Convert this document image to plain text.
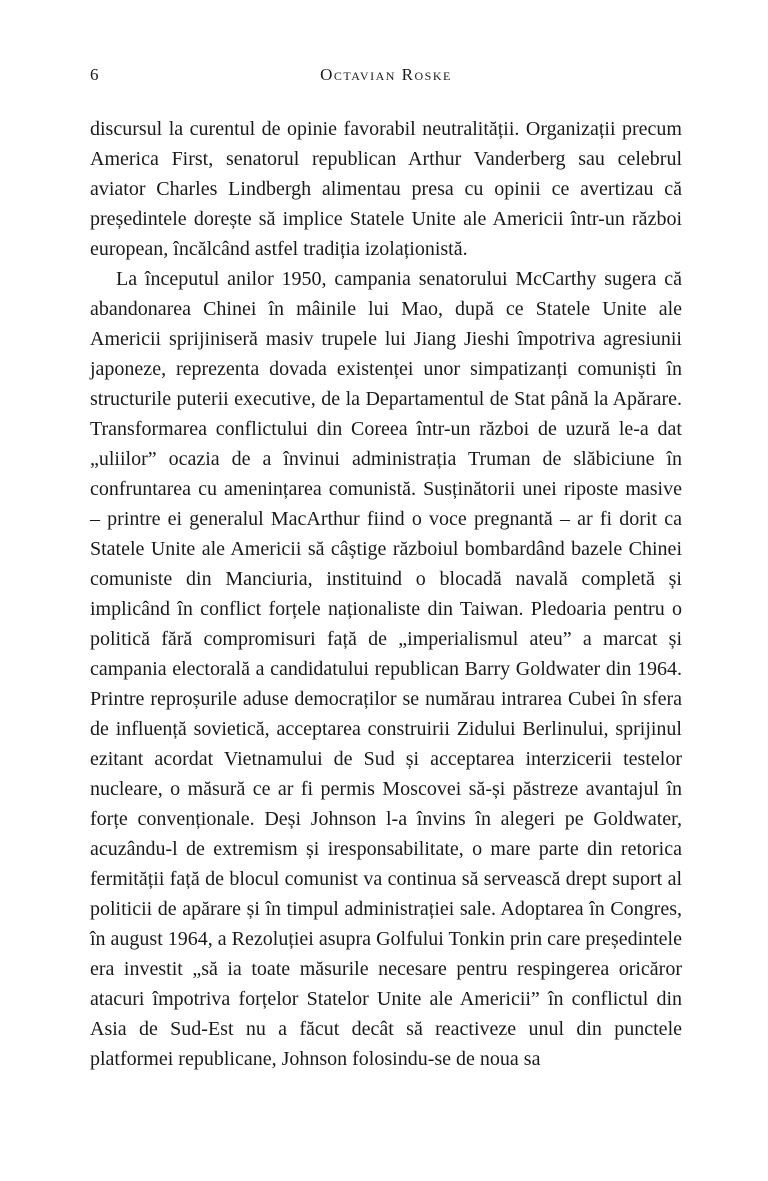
6	Octavian Roske

discursul la curentul de opinie favorabil neutralității. Organizații precum America First, senatorul republican Arthur Vanderberg sau celebrul aviator Charles Lindbergh alimentau presa cu opinii ce avertizau că președintele dorește să implice Statele Unite ale Americii într-un război european, încălcând astfel tradiția izolaționistă.

La începutul anilor 1950, campania senatorului McCarthy sugera că abandonarea Chinei în mâinile lui Mao, după ce Statele Unite ale Americii sprijiniseră masiv trupele lui Jiang Jieshi împotriva agresiunii japoneze, reprezenta dovada existenței unor simpatizanți comuniști în structurile puterii executive, de la Departamentul de Stat până la Apărare. Transformarea conflictului din Coreea într-un război de uzură le-a dat „uliilor” ocazia de a învinui administrația Truman de slăbiciune în confruntarea cu amenințarea comunistă. Susținătorii unei riposte masive – printre ei generalul MacArthur fiind o voce pregnantă – ar fi dorit ca Statele Unite ale Americii să câștige războiul bombardând bazele Chinei comuniste din Manciuria, instituind o blocadă navală completă și implicând în conflict forțele naționaliste din Taiwan. Pledoaria pentru o politică fără compromisuri față de „imperialismul ateu” a marcat și campania electorală a candidatului republican Barry Goldwater din 1964. Printre reproșurile aduse democraților se numărau intrarea Cubei în sfera de influență sovietică, acceptarea construirii Zidului Berlinului, sprijinul ezitant acordat Vietnamului de Sud și acceptarea interzicerii testelor nucleare, o măsură ce ar fi permis Moscovei să-și păstreze avantajul în forțe convenționale. Deși Johnson l-a învins în alegeri pe Goldwater, acuzându-l de extremism și iresponsabilitate, o mare parte din retorica fermității față de blocul comunist va continua să servească drept suport al politicii de apărare și în timpul administrației sale. Adoptarea în Congres, în august 1964, a Rezoluției asupra Golfului Tonkin prin care președintele era investit „să ia toate măsurile necesare pentru respingerea oricăror atacuri împotriva forțelor Statelor Unite ale Americii” în conflictul din Asia de Sud-Est nu a făcut decât să reactiveze unul din punctele platformei republicane, Johnson folosindu-se de noua sa
